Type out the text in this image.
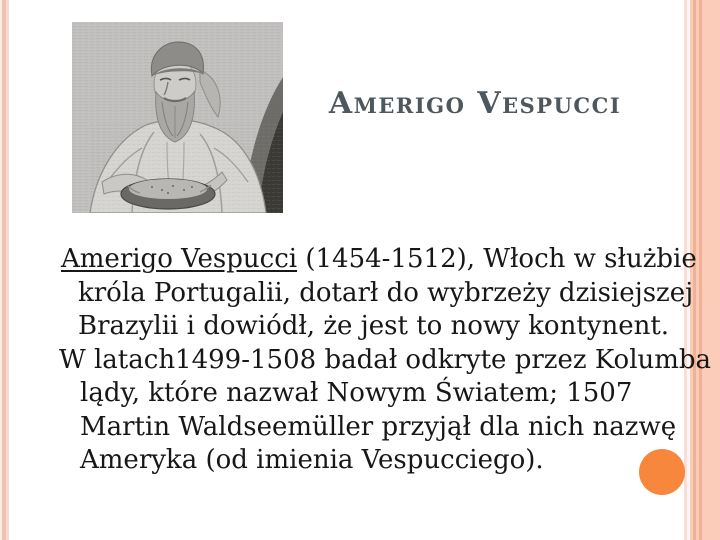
Amerigo Vespucci
Amerigo Vespucci (1454-1512), Włoch w służbie
króla Portugalii, dotarł do wybrzeży dzisiejszej
Brazylii i dowiódł, że jest to nowy kontynent.
W latach1499-1508 badał odkryte przez Kolumba
lądy, które nazwał Nowym Światem; 1507
Martin Waldseemüller przyjął dla nich nazwę
Ameryka (od imienia Vespucciego).
